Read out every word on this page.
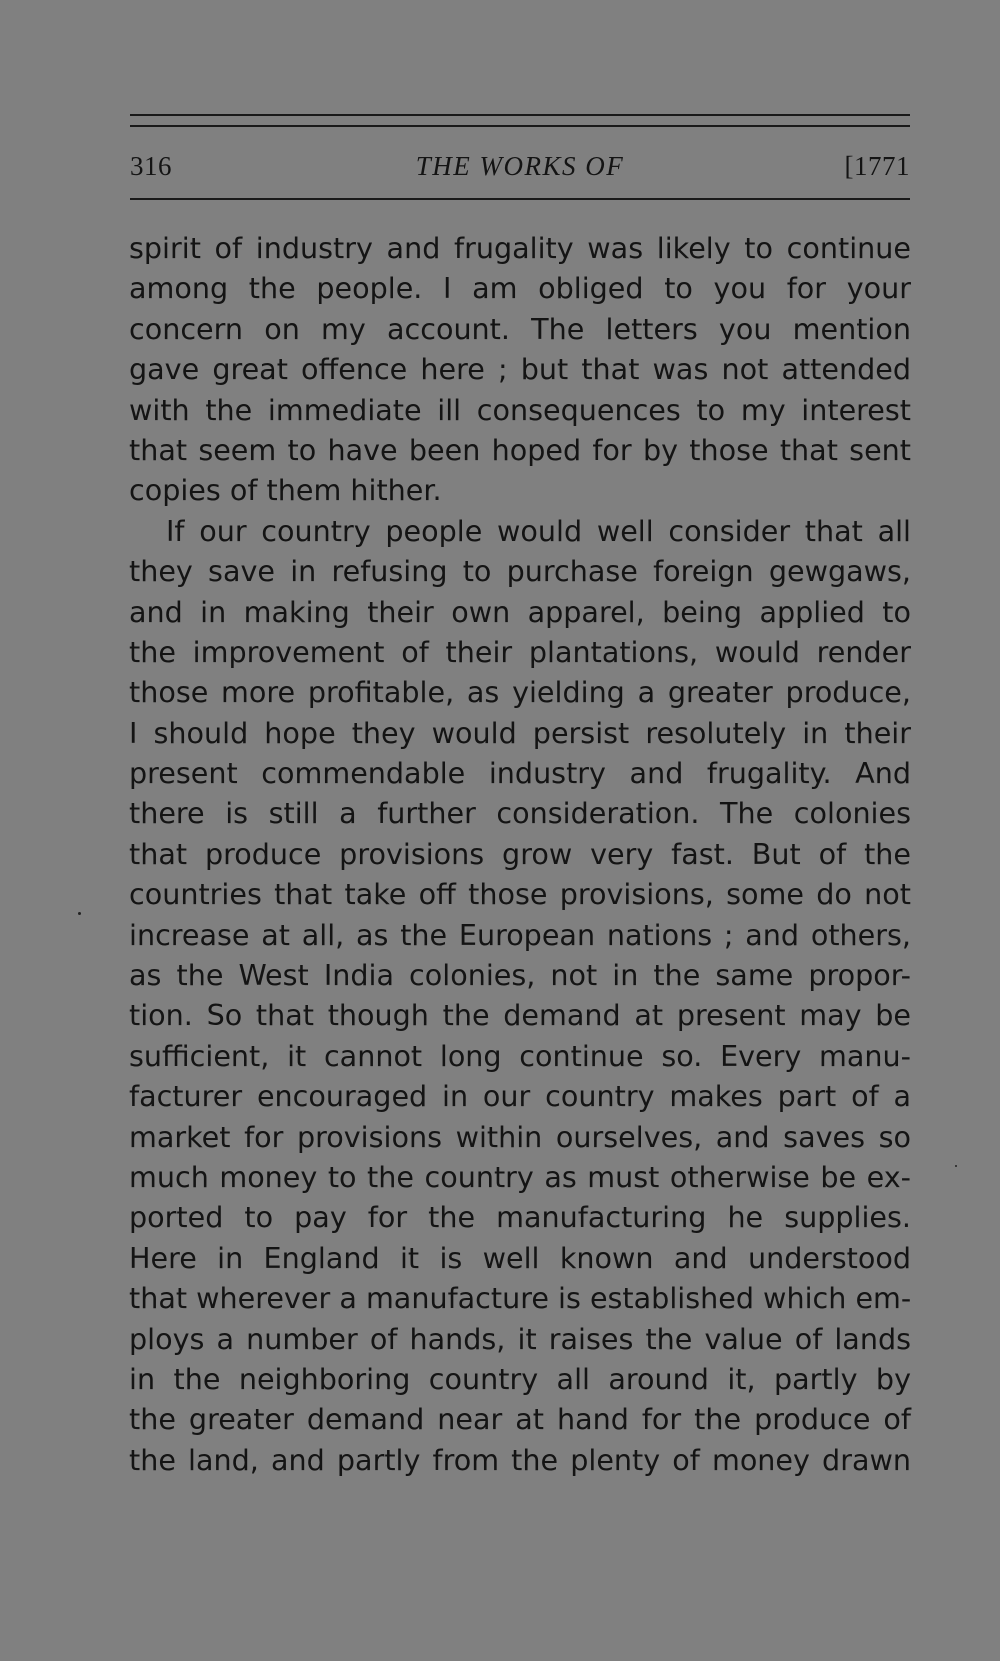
316	THE WORKS OF	[1771
spirit of industry and frugality was likely to continue
among the people. I am obliged to you for your
concern on my account. The letters you mention
gave great offence here ; but that was not attended
with the immediate ill consequences to my interest
that seem to have been hoped for by those that sent
copies of them hither.
If our country people would well consider that all
they save in refusing to purchase foreign gewgaws,
and in making their own apparel, being applied to
the improvement of their plantations, would render
those more profitable, as yielding a greater produce,
I should hope they would persist resolutely in their
present commendable industry and frugality. And
there is still a further consideration. The colonies
that produce provisions grow very fast. But of the
countries that take off those provisions, some do not
increase at all, as the European nations ; and others,
as the West India colonies, not in the same propor-
tion. So that though the demand at present may be
sufficient, it cannot long continue so. Every manu-
facturer encouraged in our country makes part of a
market for provisions within ourselves, and saves so
much money to the country as must otherwise be ex-
ported to pay for the manufacturing he supplies.
Here in England it is well known and understood
that wherever a manufacture is established which em-
ploys a number of hands, it raises the value of lands
in the neighboring country all around it, partly by
the greater demand near at hand for the produce of
the land, and partly from the plenty of money drawn
